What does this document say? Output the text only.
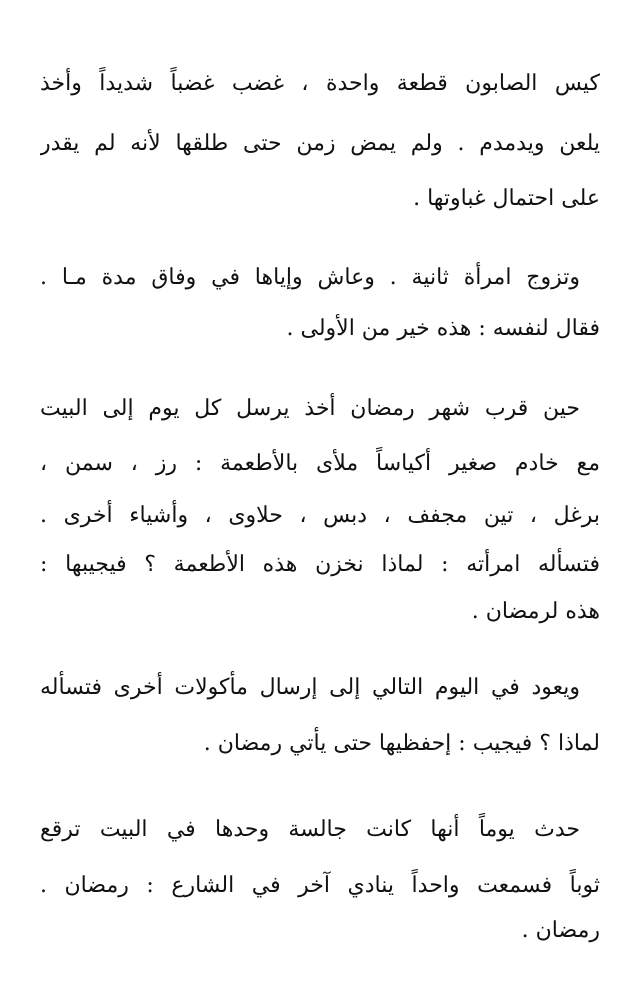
كيس الصابون قطعة واحدة ، غضب غضباً شديداً وأخذ
يلعن ويدمدم . ولم يمض زمن حتى طلقها لأنه لم يقدر
على احتمال غباوتها .
وتزوج امرأة ثانية . وعاش وإياها في وفاق مدة مـا .
فقال لنفسه : هذه خير من الأولى .
حين قرب شهر رمضان أخذ يرسل كل يوم إلى البيت
مع خادم صغير أكياساً ملأى بالأطعمة : رز ، سمن ،
برغل ، تين مجفف ، دبس ، حلاوى ، وأشياء أخرى .
فتسأله امرأته : لماذا نخزن هذه الأطعمة ؟ فيجيبها :
هذه لرمضان .
ويعود في اليوم التالي إلى إرسال مأكولات أخرى فتسأله
لماذا ؟ فيجيب : إحفظيها حتى يأتي رمضان .
حدث يوماً أنها كانت جالسة وحدها في البيت ترقع
ثوباً فسمعت واحداً ينادي آخر في الشارع : رمضان .
رمضان .
